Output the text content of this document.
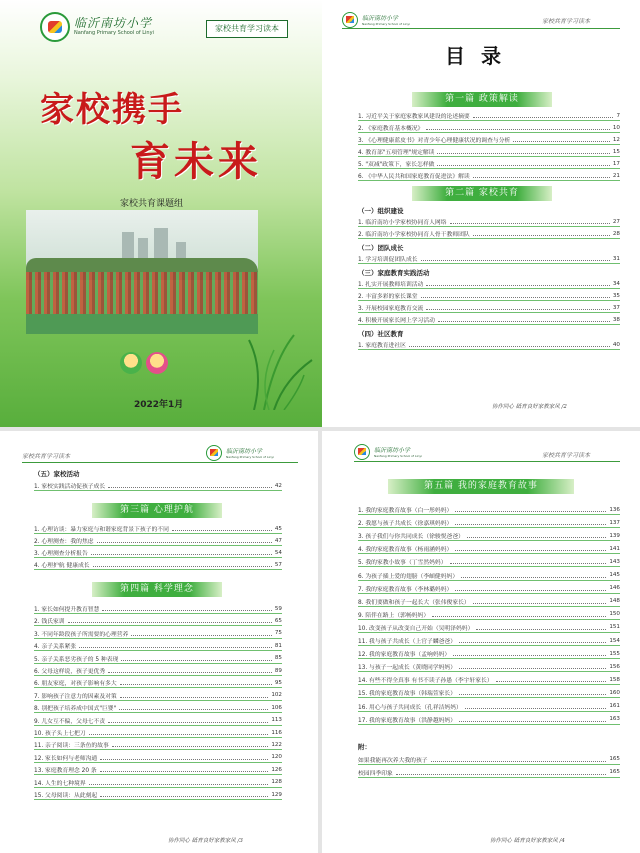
临沂南坊小学
Nanfang Primary School of Linyi	家校共育学习读本
家校携手
育未来
家校共育课题组
2022年1月
临沂南坊小学
Nanfang Primary School of Linyi	家校共育学习读本
目录
第一篇 政策解读
协作同心 砥育良好家教家风 /2
1. 习近平关于家庭家教家风建设的论述摘要	7
2. 《家庭教育基本概况》	10
3. 《心理健康蓝皮书》对青少年心理健康状况的调查与分析	12
4. 教育部"五项管理"规定解读	15
5. "双减"政策下，家长怎样做	17
6. 《中华人民共和国家庭教育促进法》解读	21
第二篇 家校共育
（一）组织建设
1. 临沂南坊小学家校协同育人网络	27
2. 临沂南坊小学家校协同育人骨干教师团队	28
（二）团队成长
1. 学习培训促团队成长	31
（三）家庭教育实践活动
1. 扎实开展教师培训活动	34
2. 丰富多彩的家长课堂	35
3. 开展校园家庭教育交流	37
4. 积极开展家长网上学习活动	38
（四）社区教育
1. 家庭教育进社区	40
家校共育学习读本
临沂南坊小学
Nanfang Primary School of Linyi
协作同心 砥育良好家教家风 /3
（五）家校活动
1. 家校实践活动促孩子成长	42
第三篇 心理护航
1. 心理访谈：暴力家庭与和谐家庭背景下孩子的不同	45
2. 心理测查：我的焦虑	47
3. 心理测查分析报告	54
4. 心理护航 健康成长	57
第四篇 科学理念
1. 家长如何提升教育智慧	59
2. 钱氏家训	65
3. 不同年龄段孩子所需要的心理营养	75
4. 亲子关系紧张	81
5. 亲子关系恶劣孩子的 5 种表现	85
6. 父母这样说，孩子更优秀	89
6. 朋友家庭，对孩子影响有多大	95
7. 影响孩子注意力的因素及对策	102
8. 别把孩子培养成中国式"巨婴"	106
9. 儿女互不偏，父母七不责	113
10. 孩子头上七把刀	116
11. 亲子阅读：三条鱼的故事	122
12. 家长如何与老师沟通	120
13. 家庭教育理念 20 条	126
14. 人生的七种境界	128
15. 父母阅读：从此刻起	129
临沂南坊小学
Nanfang Primary School of Linyi	家校共育学习读本
协作同心 砥育良好家教家风 /4
第五篇 我的家庭教育故事
1. 我的家庭教育故事（白一彤妈妈）	136
2. 我愿与孩子共成长（徐嘉琪妈妈）	137
3. 孩子我们与你共同成长（徐骏悦爸爸）	139
4. 我的家庭教育故事（杨雨涵妈妈）	141
5. 我的家教小故事（丁雪然妈妈）	143
6. 为孩子插上爱的翅膀（李頔健妈妈）	145
7. 我的家庭教育故事（李林璐妈妈）	146
8. 我们要做和孩子一起长大（张伟俊家长）	148
9. 陪伴在路上（郭畅妈妈）	150
10. 改变孩子从改变自己开始（吴明泽妈妈）	151
11. 我与孩子共成长（上官子麟爸爸）	154
12. 我的家庭教育故事（孟响妈妈）	155
13. 与孩子一起成长（黄晓同学妈妈）	156
14. 有些不得全真事 有书不读子孙愚（李宇轩家长）	158
15. 我的家庭教育故事（韩瑞萱家长）	160
16. 用心与孩子共同成长（孔祥洁妈妈）	161
17. 我的家庭教育故事（洪静越妈妈）	163
附：
如果我能再次养大我的孩子	165
校园四季印象	165
